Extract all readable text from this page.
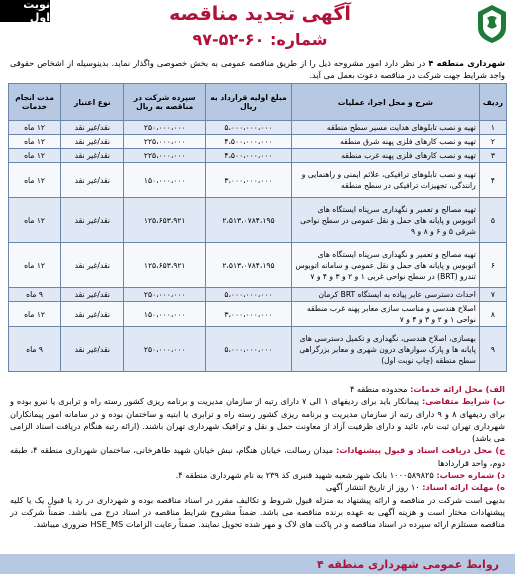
نوبت اول	آگهی تجدید مناقصه
شماره: ۹۷-۵۲-۶۰
شهرداری منطقه ۴ در نظر دارد امور مشروحه ذیل را از طریق مناقصه عمومی به بخش خصوصی واگذار نماید. بدینوسیله از اشخاص حقوقی واجد شرایط جهت شرکت در مناقصه دعوت بعمل می آید.
ردیف	شرح و محل اجرا، عملیات	مبلغ اولیه قرارداد به ریال	سپرده شرکت در مناقصه به ریال	نوع اعتبار	مدت انجام خدمات
۱	تهیه و نصب تابلوهای هدایت مسیر سطح منطقه	۵،۰۰۰،۰۰۰،۰۰۰	۲۵۰،۰۰۰،۰۰۰	نقد/غیر نقد	۱۲ ماه
۲	تهیه و نصب کارهای فلزی پهنه شرق منطقه	۴،۵۰۰،۰۰۰،۰۰۰	۲۲۵،۰۰۰،۰۰۰	نقد/غیر نقد	۱۲ ماه
۳	تهیه و نصب کارهای فلزی پهنه غرب منطقه	۴،۵۰۰،۰۰۰،۰۰۰	۲۲۵،۰۰۰،۰۰۰	نقد/غیر نقد	۱۲ ماه
۴	تهیه و نصب تابلوهای ترافیکی، علائم ایمنی و راهنمایی و رانندگی، تجهیزات ترافیکی در سطح منطقه	۳،۰۰۰،۰۰۰،۰۰۰	۱۵۰،۰۰۰،۰۰۰	نقد/غیر نقد	۱۲ ماه
۵	تهیه مصالح و تعمیر و نگهداری سرپناه ایستگاه های اتوبوس و پایانه های حمل و نقل عمومی در سطح نواحی شرقی ۵ و ۶ و ۸ و ۹	۲،۵۱۳،۰۷۸۴،۱۹۵	۱۲۵،۶۵۳،۹۲۱	نقد/غیر نقد	۱۲ ماه
۶	تهیه مصالح و تعمیر و نگهداری سرپناه ایستگاه های اتوبوس و پایانه های حمل و نقل عمومی و سامانه اتوبوس تندرو (BRT) در سطح نواحی غربی ۱ و ۲ و ۳ و ۴ و ۷	۲،۵۱۳،۰۷۸۴،۱۹۵	۱۲۵،۶۵۳،۹۲۱	نقد/غیر نقد	۱۲ ماه
۷	احداث دسترسی عابر پیاده به ایستگاه BRT کرمان	۵،۰۰۰،۰۰۰،۰۰۰	۲۵۰،۰۰۰،۰۰۰	نقد/غیر نقد	۹ ماه
۸	اصلاح هندسی و مناسب سازی معابر پهنه غرب منطقه نواحی ۱ و ۲ و ۳ و ۴ و ۷	۳،۰۰۰،۰۰۰،۰۰۰	۱۵۰،۰۰۰،۰۰۰	نقد/غیر نقد	۱۲ ماه
۹	بهسازی، اصلاح هندسی، نگهداری و تکمیل دسترسی های پایانه ها و پارک سوارهای درون شهری و معابر بزرگراهی سطح منطقه (چاپ نوبت اول)	۵،۰۰۰،۰۰۰،۰۰۰	۲۵۰،۰۰۰،۰۰۰	نقد/غیر نقد	۹ ماه

الف) محل ارائه خدمات: محدوده منطقه ۴

ب) شرایط متقاضی: پیمانکار باید برای ردیفهای ۱ الی ۷ دارای رتبه از سازمان مدیریت و برنامه ریزی کشور رسته راه و ترابری یا نیرو بوده و برای ردیفهای ۸ و ۹ دارای رتبه از سازمان مدیریت و برنامه ریزی کشور رسته راه و ترابری یا ابنیه و ساختمان بوده و در سامانه امور پیمانکاران شهرداری تهران ثبت نام، تائید و دارای ظرفیت آزاد از معاونت حمل و نقل و ترافیک شهرداری تهران باشند. (ارائه رتبه هنگام دریافت اسناد الزامی می باشد)

ج) محل دریافت اسناد و قبول پیشنهادات: میدان رسالت، خیابان هنگام، نبش خیابان شهید طاهرخانی، ساختمان شهرداری منطقه ۴، طبقه دوم، واحد قراردادها

د) شماره حساب: ۱۰۰۰۵۸۹۸۲۵ بانک شهر شعبه شهید قنبری کد ۲۳۹ به نام شهرداری منطقه ۴.

ه) مهلت ارائه اسناد: ۱۰ روز از تاریخ انتشار آگهی

بدیهی است شرکت در مناقصه و ارائه پیشنهاد به منزله قبول شروط و تکالیف مقرر در اسناد مناقصه بوده و شهرداری در رد یا قبول یک یا کلیه پیشنهادات مختار است و هزینه آگهی به عهده برنده مناقصه می باشد. ضمناً مشروح شرایط مناقصه در اسناد درج می باشد. ضمناً شرکت در مناقصه مستلزم ارائه سپرده در اسناد مناقصه و در پاکت های لاک و مهر شده تحویل نمایند. ضمناً رعایت الزامات HSE_MS ضروری میباشد.

روابط عمومی شهرداری منطقه ۴
